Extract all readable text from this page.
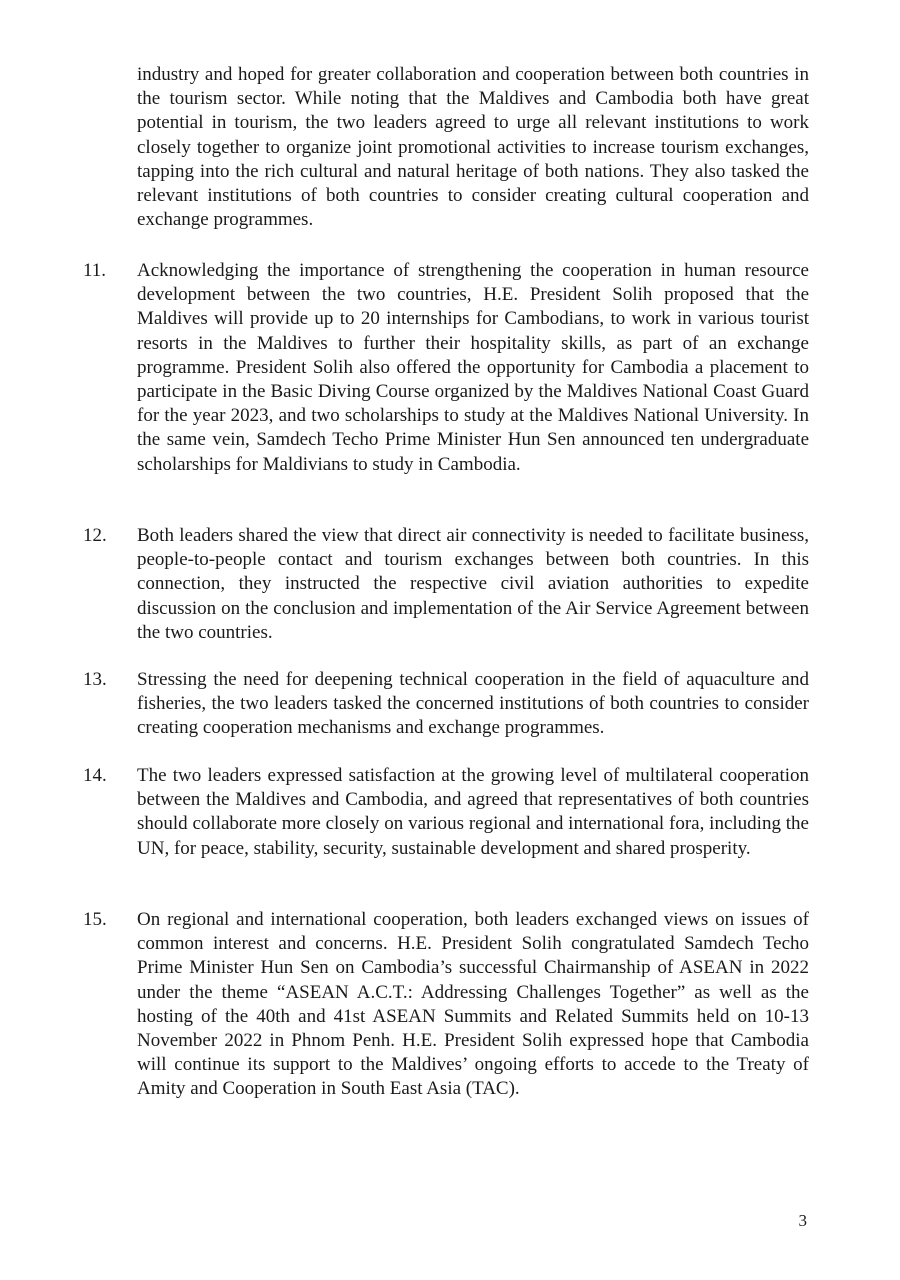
industry and hoped for greater collaboration and cooperation between both countries in the tourism sector. While noting that the Maldives and Cambodia both have great potential in tourism, the two leaders agreed to urge all relevant institutions to work closely together to organize joint promotional activities to increase tourism exchanges, tapping into the rich cultural and natural heritage of both nations. They also tasked the relevant institutions of both countries to consider creating cultural cooperation and exchange programmes.

11. Acknowledging the importance of strengthening the cooperation in human resource development between the two countries, H.E. President Solih proposed that the Maldives will provide up to 20 internships for Cambodians, to work in various tourist resorts in the Maldives to further their hospitality skills, as part of an exchange programme. President Solih also offered the opportunity for Cambodia a placement to participate in the Basic Diving Course organized by the Maldives National Coast Guard for the year 2023, and two scholarships to study at the Maldives National University. In the same vein, Samdech Techo Prime Minister Hun Sen announced ten undergraduate scholarships for Maldivians to study in Cambodia.

12. Both leaders shared the view that direct air connectivity is needed to facilitate business, people-to-people contact and tourism exchanges between both countries. In this connection, they instructed the respective civil aviation authorities to expedite discussion on the conclusion and implementation of the Air Service Agreement between the two countries.

13. Stressing the need for deepening technical cooperation in the field of aquaculture and fisheries, the two leaders tasked the concerned institutions of both countries to consider creating cooperation mechanisms and exchange programmes.

14. The two leaders expressed satisfaction at the growing level of multilateral cooperation between the Maldives and Cambodia, and agreed that representatives of both countries should collaborate more closely on various regional and international fora, including the UN, for peace, stability, security, sustainable development and shared prosperity.

15. On regional and international cooperation, both leaders exchanged views on issues of common interest and concerns. H.E. President Solih congratulated Samdech Techo Prime Minister Hun Sen on Cambodia’s successful Chairmanship of ASEAN in 2022 under the theme “ASEAN A.C.T.: Addressing Challenges Together” as well as the hosting of the 40th and 41st ASEAN Summits and Related Summits held on 10-13 November 2022 in Phnom Penh. H.E. President Solih expressed hope that Cambodia will continue its support to the Maldives’ ongoing efforts to accede to the Treaty of Amity and Cooperation in South East Asia (TAC).

3
